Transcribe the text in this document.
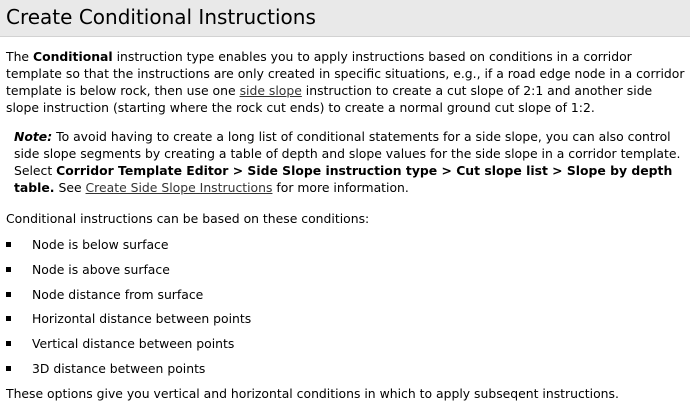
Create Conditional Instructions

The Conditional instruction type enables you to apply instructions based on conditions in a corridor template so that the instructions are only created in specific situations, e.g., if a road edge node in a corridor template is below rock, then use one side slope instruction to create a cut slope of 2:1 and another side slope instruction (starting where the rock cut ends) to create a normal ground cut slope of 1:2.

Note: To avoid having to create a long list of conditional statements for a side slope, you can also control side slope segments by creating a table of depth and slope values for the side slope in a corridor template. Select Corridor Template Editor > Side Slope instruction type > Cut slope list > Slope by depth table. See Create Side Slope Instructions for more information.

Conditional instructions can be based on these conditions:

Node is below surface
Node is above surface
Node distance from surface
Horizontal distance between points
Vertical distance between points
3D distance between points

These options give you vertical and horizontal conditions in which to apply subseqent instructions.
